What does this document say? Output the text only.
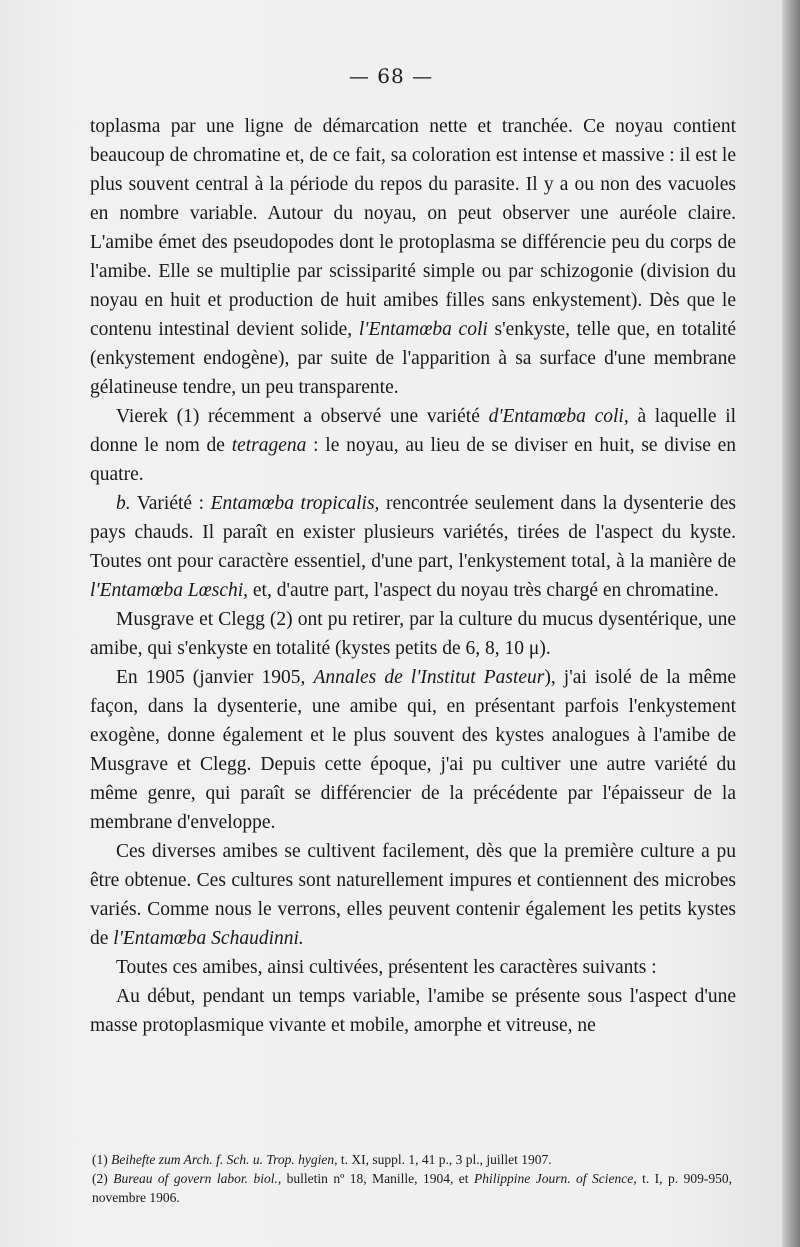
— 68 —

toplasma par une ligne de démarcation nette et tranchée. Ce noyau contient beaucoup de chromatine et, de ce fait, sa coloration est intense et massive : il est le plus souvent central à la période du repos du parasite. Il y a ou non des vacuoles en nombre variable. Autour du noyau, on peut observer une auréole claire. L'amibe émet des pseudopodes dont le protoplasma se différencie peu du corps de l'amibe. Elle se multiplie par scissiparité simple ou par schizogonie (division du noyau en huit et production de huit amibes filles sans enkystement). Dès que le contenu intestinal devient solide, l'Entamœba coli s'enkyste, telle que, en totalité (enkystement endogène), par suite de l'apparition à sa surface d'une membrane gélatineuse tendre, un peu transparente.

Vierek (1) récemment a observé une variété d'Entamœba coli, à laquelle il donne le nom de tetragena : le noyau, au lieu de se diviser en huit, se divise en quatre.

b. Variété : Entamœba tropicalis, rencontrée seulement dans la dysenterie des pays chauds. Il paraît en exister plusieurs variétés, tirées de l'aspect du kyste. Toutes ont pour caractère essentiel, d'une part, l'enkystement total, à la manière de l'Entamœba Lœschi, et, d'autre part, l'aspect du noyau très chargé en chromatine.

Musgrave et Clegg (2) ont pu retirer, par la culture du mucus dysentérique, une amibe, qui s'enkyste en totalité (kystes petits de 6, 8, 10 μ).

En 1905 (janvier 1905, Annales de l'Institut Pasteur), j'ai isolé de la même façon, dans la dysenterie, une amibe qui, en présentant parfois l'enkystement exogène, donne également et le plus souvent des kystes analogues à l'amibe de Musgrave et Clegg. Depuis cette époque, j'ai pu cultiver une autre variété du même genre, qui paraît se différencier de la précédente par l'épaisseur de la membrane d'enveloppe.

Ces diverses amibes se cultivent facilement, dès que la première culture a pu être obtenue. Ces cultures sont naturellement impures et contiennent des microbes variés. Comme nous le verrons, elles peuvent contenir également les petits kystes de l'Entamœba Schaudinni.

Toutes ces amibes, ainsi cultivées, présentent les caractères suivants :

Au début, pendant un temps variable, l'amibe se présente sous l'aspect d'une masse protoplasmique vivante et mobile, amorphe et vitreuse, ne

(1) Beihefte zum Arch. f. Sch. u. Trop. hygien, t. XI, suppl. 1, 41 p., 3 pl., juillet 1907.

(2) Bureau of govern labor. biol., bulletin nº 18, Manille, 1904, et Philippine Journ. of Science, t. I, p. 909-950, novembre 1906.
